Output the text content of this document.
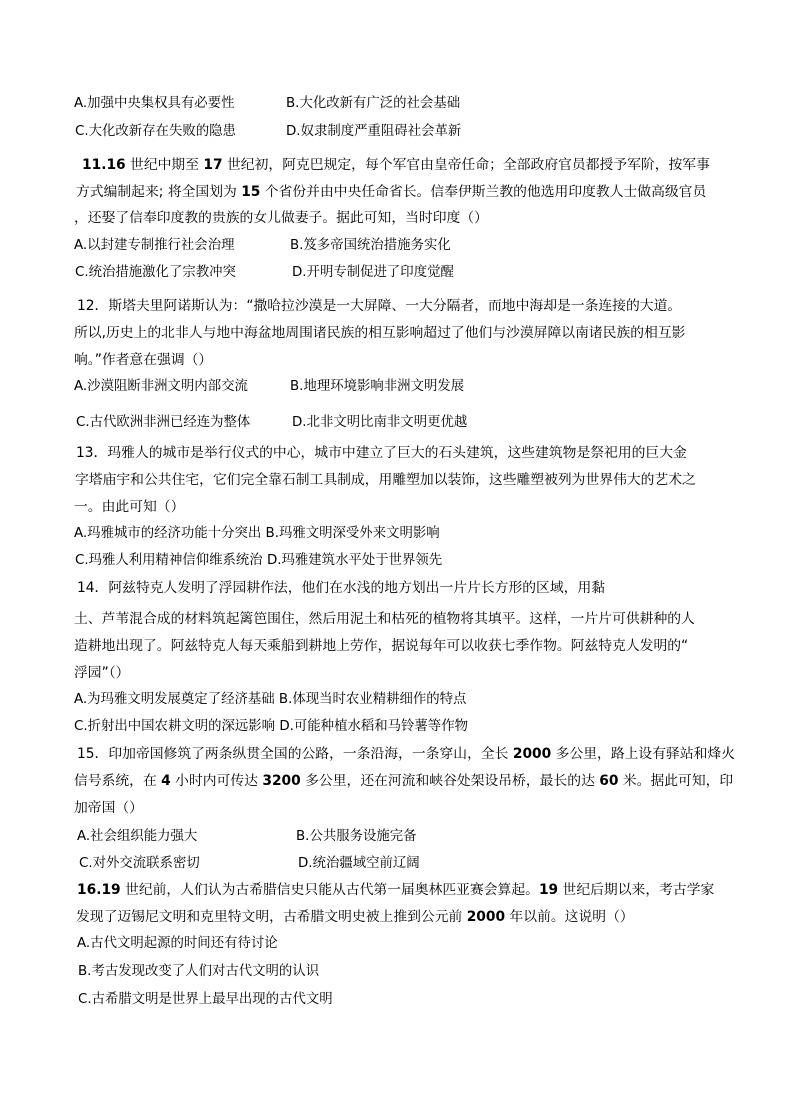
A.加强中央集权具有必要性	B.大化改新有广泛的社会基础

C.大化改新存在失败的隐患	D.奴隶制度严重阻碍社会革新

11.16 世纪中期至 17 世纪初，阿克巴规定，每个军官由皇帝任命；全部政府官员都授予军阶，按军事

方式编制起来; 将全国划为 15 个省份并由中央任命省长。信奉伊斯兰教的他选用印度教人士做高级官员

，还娶了信奉印度教的贵族的女儿做妻子。据此可知，当时印度（）

A.以封建专制推行社会治理	B.笈多帝国统治措施务实化

C.统治措施激化了宗教冲突	D.开明专制促进了印度觉醒

12．斯塔夫里阿诺斯认为：“撒哈拉沙漠是一大屏障、一大分隔者，而地中海却是一条连接的大道。

所以,历史上的北非人与地中海盆地周围诸民族的相互影响超过了他们与沙漠屏障以南诸民族的相互影

响。”作者意在强调（）

A.沙漠阻断非洲文明内部交流	B.地理环境影响非洲文明发展

C.古代欧洲非洲已经连为整体	D.北非文明比南非文明更优越

13．玛雅人的城市是举行仪式的中心，城市中建立了巨大的石头建筑，这些建筑物是祭祀用的巨大金

字塔庙宇和公共住宅，它们完全靠石制工具制成，用雕塑加以装饰，这些雕塑被列为世界伟大的艺术之

一。由此可知（）

A.玛雅城市的经济功能十分突出 B.玛雅文明深受外来文明影响

C.玛雅人利用精神信仰维系统治 D.玛雅建筑水平处于世界领先

14．阿兹特克人发明了浮园耕作法，他们在水浅的地方划出一片片长方形的区域，用黏

土、芦苇混合成的材料筑起篱笆围住，然后用泥土和枯死的植物将其填平。这样，一片片可供耕种的人

造耕地出现了。阿兹特克人每天乘船到耕地上劳作，据说每年可以收获七季作物。阿兹特克人发明的“

浮园”（）

A.为玛雅文明发展奠定了经济基础 B.体现当时农业精耕细作的特点

C.折射出中国农耕文明的深远影响 D.可能种植水稻和马铃薯等作物

15．印加帝国修筑了两条纵贯全国的公路，一条沿海，一条穿山，全长 2000 多公里，路上设有驿站和烽火

信号系统，在 4 小时内可传达 3200 多公里，还在河流和峡谷处架设吊桥，最长的达 60 米。据此可知，印

加帝国（）

A.社会组织能力强大	B.公共服务设施完备

C.对外交流联系密切	D.统治疆域空前辽阔

16.19 世纪前，人们认为古希腊信史只能从古代第一届奥林匹亚赛会算起。19 世纪后期以来，考古学家

发现了迈锡尼文明和克里特文明，古希腊文明史被上推到公元前 2000 年以前。这说明（）

A.古代文明起源的时间还有待讨论

B.考古发现改变了人们对古代文明的认识

C.古希腊文明是世界上最早出现的古代文明
